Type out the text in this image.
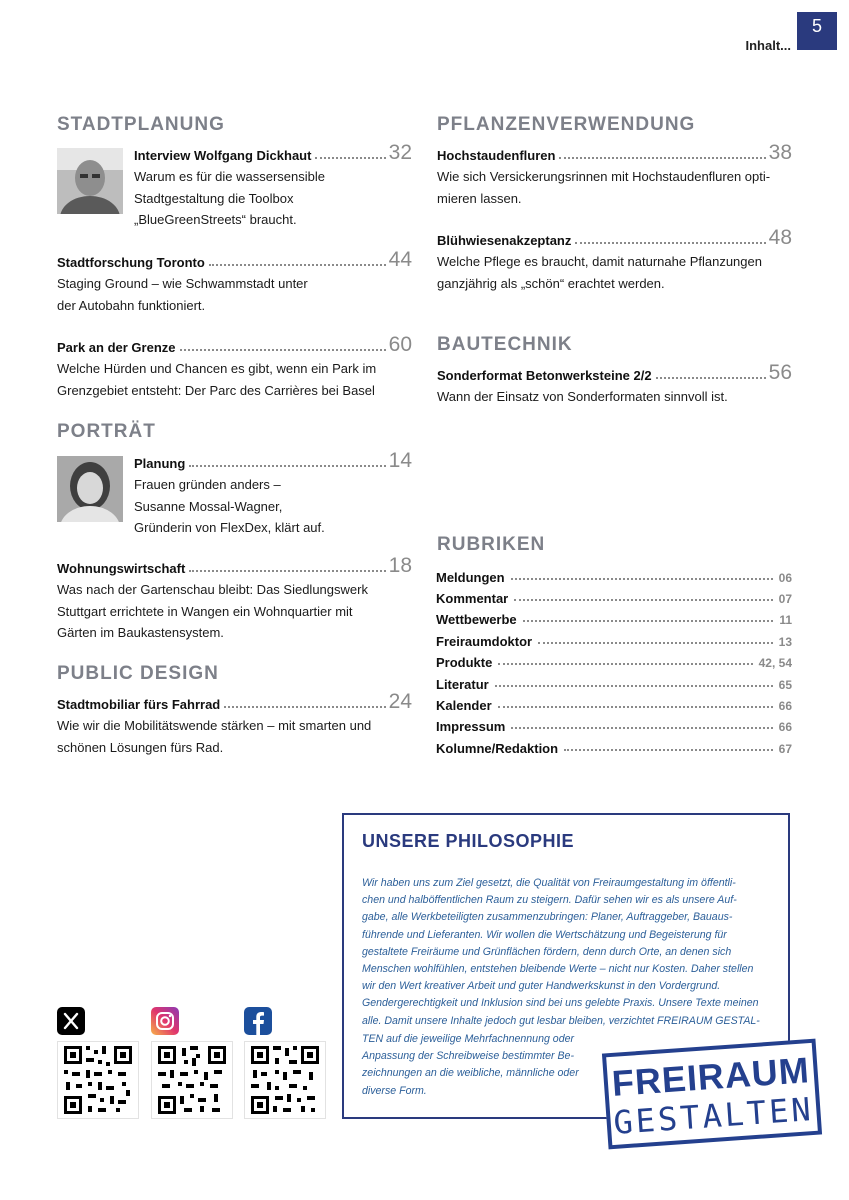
5
Inhalt...
STADTPLANUNG
Interview Wolfgang Dickhaut	32
Warum es für die wassersensible
Stadtgestaltung die Toolbox
„BlueGreenStreets“ braucht.
Stadtforschung Toronto	44
Staging Ground – wie Schwammstadt unter
der Autobahn funktioniert.
Park an der Grenze	60
Welche Hürden und Chancen es gibt, wenn ein Park im
Grenzgebiet entsteht: Der Parc des Carrières bei Basel
PORTRÄT
Planung	14
Frauen gründen anders –
Susanne Mossal-Wagner,
Gründerin von FlexDex, klärt auf.
Wohnungswirtschaft	18
Was nach der Gartenschau bleibt: Das Siedlungswerk
Stuttgart errichtete in Wangen ein Wohnquartier mit
Gärten im Baukastensystem.
PUBLIC DESIGN
Stadtmobiliar fürs Fahrrad	24
Wie wir die Mobilitätswende stärken – mit smarten und
schönen Lösungen fürs Rad.
PFLANZENVERWENDUNG
Hochstaudenfluren	38
Wie sich Versickerungsrinnen mit Hochstaudenfluren opti-
mieren lassen.
Blühwiesenakzeptanz	48
Welche Pflege es braucht, damit naturnahe Pflanzungen
ganzjährig als „schön“ erachtet werden.
BAUTECHNIK
Sonderformat Betonwerksteine 2/2	56
Wann der Einsatz von Sonderformaten sinnvoll ist.
RUBRIKEN
Meldungen	06
Kommentar	07
Wettbewerbe	11
Freiraumdoktor	13
Produkte	42, 54
Literatur	65
Kalender	66
Impressum	66
Kolumne/Redaktion	67
UNSERE PHILOSOPHIE
Wir haben uns zum Ziel gesetzt, die Qualität von Freiraumgestaltung im öffentli-
chen und halböffentlichen Raum zu steigern. Dafür sehen wir es als unsere Auf-
gabe, alle Werkbeteiligten zusammenzubringen: Planer, Auftraggeber, Bauaus-
führende und Lieferanten. Wir wollen die Wertschätzung und Begeisterung für
gestaltete Freiräume und Grünflächen fördern, denn durch Orte, an denen sich
Menschen wohlfühlen, entstehen bleibende Werte – nicht nur Kosten. Daher stellen
wir den Wert kreativer Arbeit und guter Handwerkskunst in den Vordergrund.
Gendergerechtigkeit und Inklusion sind bei uns gelebte Praxis. Unsere Texte meinen
alle. Damit unsere Inhalte jedoch gut lesbar bleiben, verzichtet FREIRAUM GESTAL-
TEN auf die jeweilige Mehrfachnennung oder
Anpassung der Schreibweise bestimmter Be-
zeichnungen an die weibliche, männliche oder
diverse Form.	FREIRAUM
GESTALTEN
